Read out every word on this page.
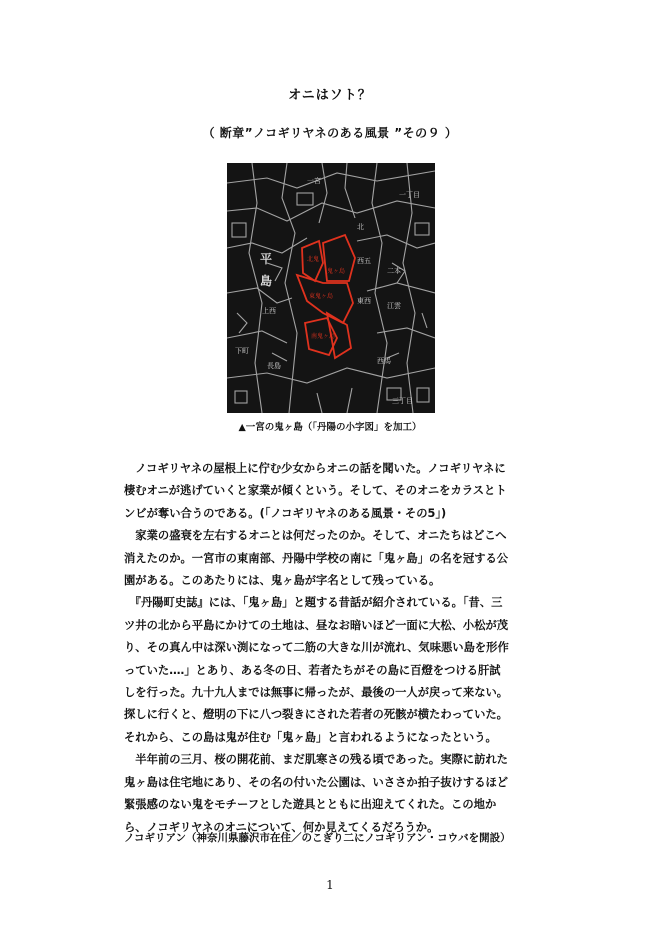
オニはソト？
（ 断章”ノコギリヤネのある風景 ”その９ ）
一丁目
平
島
西五
北鬼
鬼ヶ島
東鬼ヶ島
南鬼ヶ島
上西
東西
江雲
二本
西馬
長島
北
一宮
下町
三丁目
▲一宮の鬼ヶ島（「丹陽の小字図」を加工）

　ノコギリヤネの屋根上に佇む少女からオニの話を聞いた。ノコギリヤネに

棲むオニが逃げていくと家業が傾くという。そして、そのオニをカラスとト

ンビが奪い合うのである。(「ノコギリヤネのある風景・その5」)

　家業の盛衰を左右するオニとは何だったのか。そして、オニたちはどこへ

消えたのか。一宮市の東南部、丹陽中学校の南に「鬼ヶ島」の名を冠する公

園がある。このあたりには、鬼ヶ島が字名として残っている。

　『丹陽町史誌』には、「鬼ヶ島」と題する昔話が紹介されている。「昔、三

ツ井の北から平島にかけての土地は、昼なお暗いほど一面に大松、小松が茂

り、その真ん中は深い渕になって二筋の大きな川が流れ、気味悪い島を形作

っていた‥‥」とあり、ある冬の日、若者たちがその島に百燈をつける肝試

しを行った。九十九人までは無事に帰ったが、最後の一人が戻って来ない。

探しに行くと、燈明の下に八つ裂きにされた若者の死骸が横たわっていた。

それから、この島は鬼が住む「鬼ヶ島」と言われるようになったという。

　半年前の三月、桜の開花前、まだ肌寒さの残る頃であった。実際に訪れた

鬼ヶ島は住宅地にあり、その名の付いた公園は、いささか拍子抜けするほど

緊張感のない鬼をモチーフとした遊具とともに出迎えてくれた。この地か

ら、ノコギリヤネのオニについて、何か見えてくるだろうか。

ノコギリアン（神奈川県藤沢市在住／のこぎり二にノコギリアン・コウバを開設）
1
